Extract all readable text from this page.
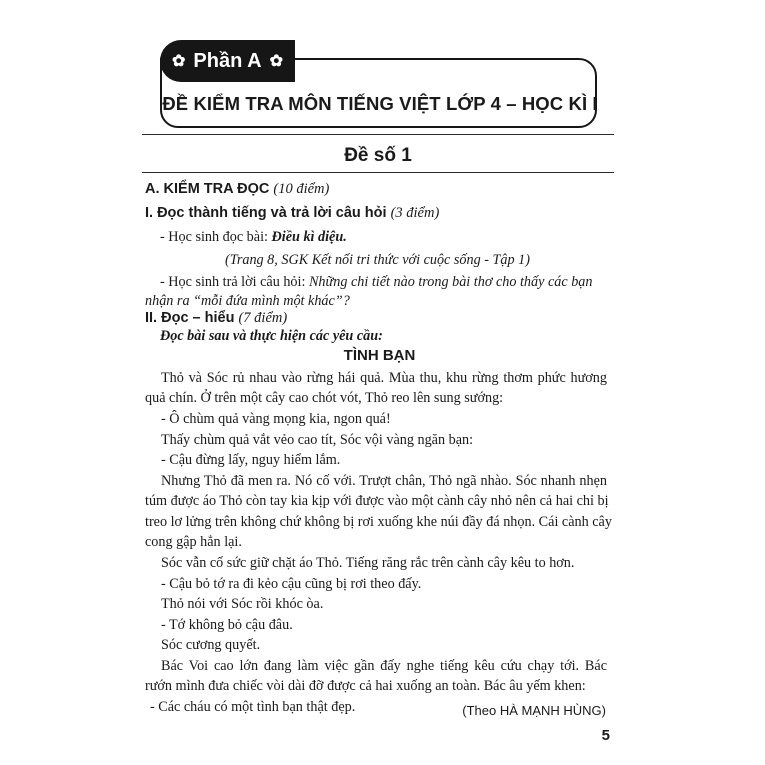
✿ Phần A ✿
ĐỀ KIỂM TRA MÔN TIẾNG VIỆT LỚP 4 – HỌC KÌ I
Đề số 1
A. KIỂM TRA ĐỌC (10 điểm)
I. Đọc thành tiếng và trả lời câu hỏi (3 điểm)
- Học sinh đọc bài: Điều kì diệu.
(Trang 8, SGK Kết nối tri thức với cuộc sống - Tập 1)
- Học sinh trả lời câu hỏi: Những chi tiết nào trong bài thơ cho thấy các bạn
nhận ra “mỗi đứa mình một khác”?
II. Đọc – hiểu (7 điểm)
Đọc bài sau và thực hiện các yêu cầu:
TÌNH BẠN
Thỏ và Sóc rủ nhau vào rừng hái quả. Mùa thu, khu rừng thơm phức hương
quả chín. Ở trên một cây cao chót vót, Thỏ reo lên sung sướng:
- Ô chùm quả vàng mọng kia, ngon quá!
Thấy chùm quả vắt vẻo cao tít, Sóc vội vàng ngăn bạn:
- Cậu đừng lấy, nguy hiểm lắm.
Nhưng Thỏ đã men ra. Nó cố với. Trượt chân, Thỏ ngã nhào. Sóc nhanh nhẹn
túm được áo Thỏ còn tay kia kịp với được vào một cành cây nhỏ nên cả hai chỉ bị
treo lơ lửng trên không chứ không bị rơi xuống khe núi đầy đá nhọn. Cái cành cây
cong gập hẳn lại.
Sóc vẫn cố sức giữ chặt áo Thỏ. Tiếng răng rắc trên cành cây kêu to hơn.
- Cậu bỏ tớ ra đi kẻo cậu cũng bị rơi theo đấy.
Thỏ nói với Sóc rồi khóc òa.
- Tớ không bỏ cậu đâu.
Sóc cương quyết.
Bác Voi cao lớn đang làm việc gần đấy nghe tiếng kêu cứu chạy tới. Bác
rướn mình đưa chiếc vòi dài đỡ được cả hai xuống an toàn. Bác âu yếm khen:
- Các cháu có một tình bạn thật đẹp.	(Theo HÀ MẠNH HÙNG)
5
